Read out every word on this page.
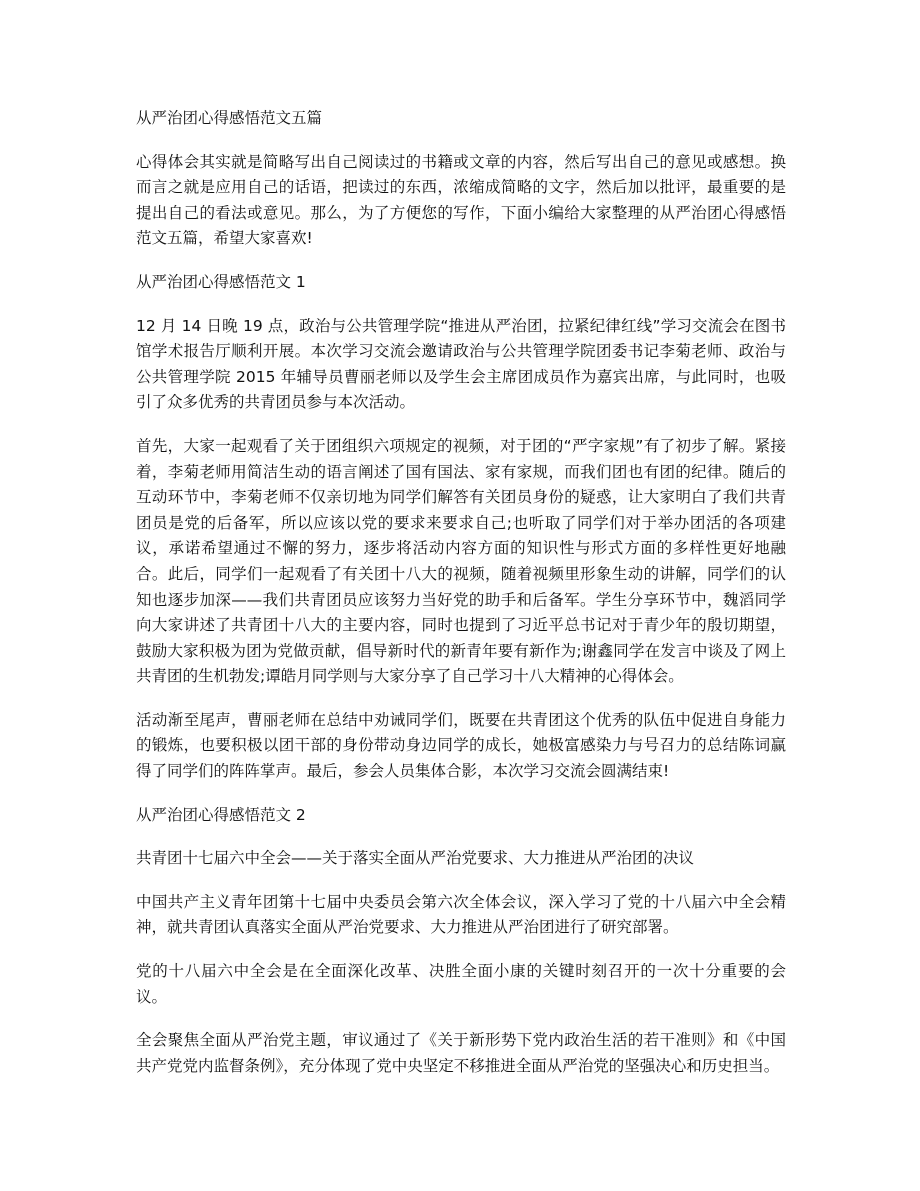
从严治团心得感悟范文五篇

心得体会其实就是简略写出自己阅读过的书籍或文章的内容，然后写出自己的意见或感想。换而言之就是应用自己的话语，把读过的东西，浓缩成简略的文字，然后加以批评，最重要的是提出自己的看法或意见。那么，为了方便您的写作，下面小编给大家整理的从严治团心得感悟范文五篇，希望大家喜欢!

从严治团心得感悟范文 1

12 月 14 日晚 19 点，政治与公共管理学院“推进从严治团，拉紧纪律红线”学习交流会在图书馆学术报告厅顺利开展。本次学习交流会邀请政治与公共管理学院团委书记李菊老师、政治与公共管理学院 2015 年辅导员曹丽老师以及学生会主席团成员作为嘉宾出席，与此同时，也吸引了众多优秀的共青团员参与本次活动。

首先，大家一起观看了关于团组织六项规定的视频，对于团的“严字家规”有了初步了解。紧接着，李菊老师用简洁生动的语言阐述了国有国法、家有家规，而我们团也有团的纪律。随后的互动环节中，李菊老师不仅亲切地为同学们解答有关团员身份的疑惑，让大家明白了我们共青团员是党的后备军，所以应该以党的要求来要求自己;也听取了同学们对于举办团活的各项建议，承诺希望通过不懈的努力，逐步将活动内容方面的知识性与形式方面的多样性更好地融合。此后，同学们一起观看了有关团十八大的视频，随着视频里形象生动的讲解，同学们的认知也逐步加深——我们共青团员应该努力当好党的助手和后备军。学生分享环节中，魏滔同学向大家讲述了共青团十八大的主要内容，同时也提到了习近平总书记对于青少年的殷切期望，鼓励大家积极为团为党做贡献，倡导新时代的新青年要有新作为;谢鑫同学在发言中谈及了网上共青团的生机勃发;谭皓月同学则与大家分享了自己学习十八大精神的心得体会。

活动渐至尾声，曹丽老师在总结中劝诫同学们，既要在共青团这个优秀的队伍中促进自身能力的锻炼，也要积极以团干部的身份带动身边同学的成长，她极富感染力与号召力的总结陈词赢得了同学们的阵阵掌声。最后，参会人员集体合影，本次学习交流会圆满结束!

从严治团心得感悟范文 2

共青团十七届六中全会——关于落实全面从严治党要求、大力推进从严治团的决议

中国共产主义青年团第十七届中央委员会第六次全体会议，深入学习了党的十八届六中全会精神，就共青团认真落实全面从严治党要求、大力推进从严治团进行了研究部署。

党的十八届六中全会是在全面深化改革、决胜全面小康的关键时刻召开的一次十分重要的会议。

全会聚焦全面从严治党主题，审议通过了《关于新形势下党内政治生活的若干准则》和《中国共产党党内监督条例》，充分体现了党中央坚定不移推进全面从严治党的坚强决心和历史担当。
